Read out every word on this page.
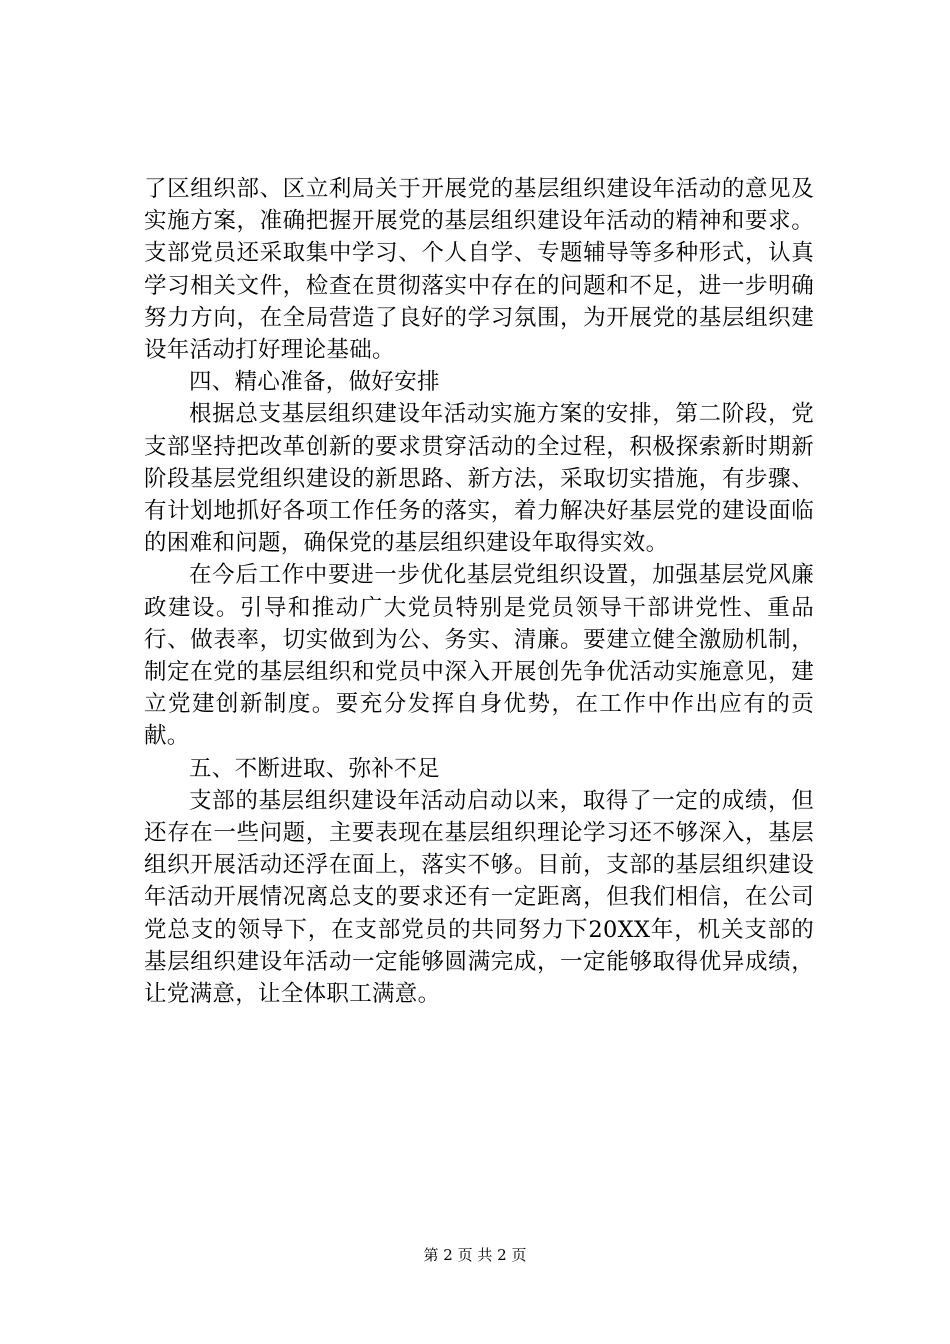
了区组织部、区立利局关于开展党的基层组织建设年活动的意见及实施方案，准确把握开展党的基层组织建设年活动的精神和要求。支部党员还采取集中学习、个人自学、专题辅导等多种形式，认真学习相关文件，检查在贯彻落实中存在的问题和不足，进一步明确努力方向，在全局营造了良好的学习氛围，为开展党的基层组织建设年活动打好理论基础。

四、精心准备，做好安排

根据总支基层组织建设年活动实施方案的安排，第二阶段，党支部坚持把改革创新的要求贯穿活动的全过程，积极探索新时期新阶段基层党组织建设的新思路、新方法，采取切实措施，有步骤、有计划地抓好各项工作任务的落实，着力解决好基层党的建设面临的困难和问题，确保党的基层组织建设年取得实效。

在今后工作中要进一步优化基层党组织设置，加强基层党风廉政建设。引导和推动广大党员特别是党员领导干部讲党性、重品行、做表率，切实做到为公、务实、清廉。要建立健全激励机制，制定在党的基层组织和党员中深入开展创先争优活动实施意见，建立党建创新制度。要充分发挥自身优势，在工作中作出应有的贡献。

五、不断进取、弥补不足

支部的基层组织建设年活动启动以来，取得了一定的成绩，但还存在一些问题，主要表现在基层组织理论学习还不够深入，基层组织开展活动还浮在面上，落实不够。目前，支部的基层组织建设年活动开展情况离总支的要求还有一定距离，但我们相信，在公司党总支的领导下，在支部党员的共同努力下20XX年，机关支部的基层组织建设年活动一定能够圆满完成，一定能够取得优异成绩，让党满意，让全体职工满意。

第 2 页 共 2 页
